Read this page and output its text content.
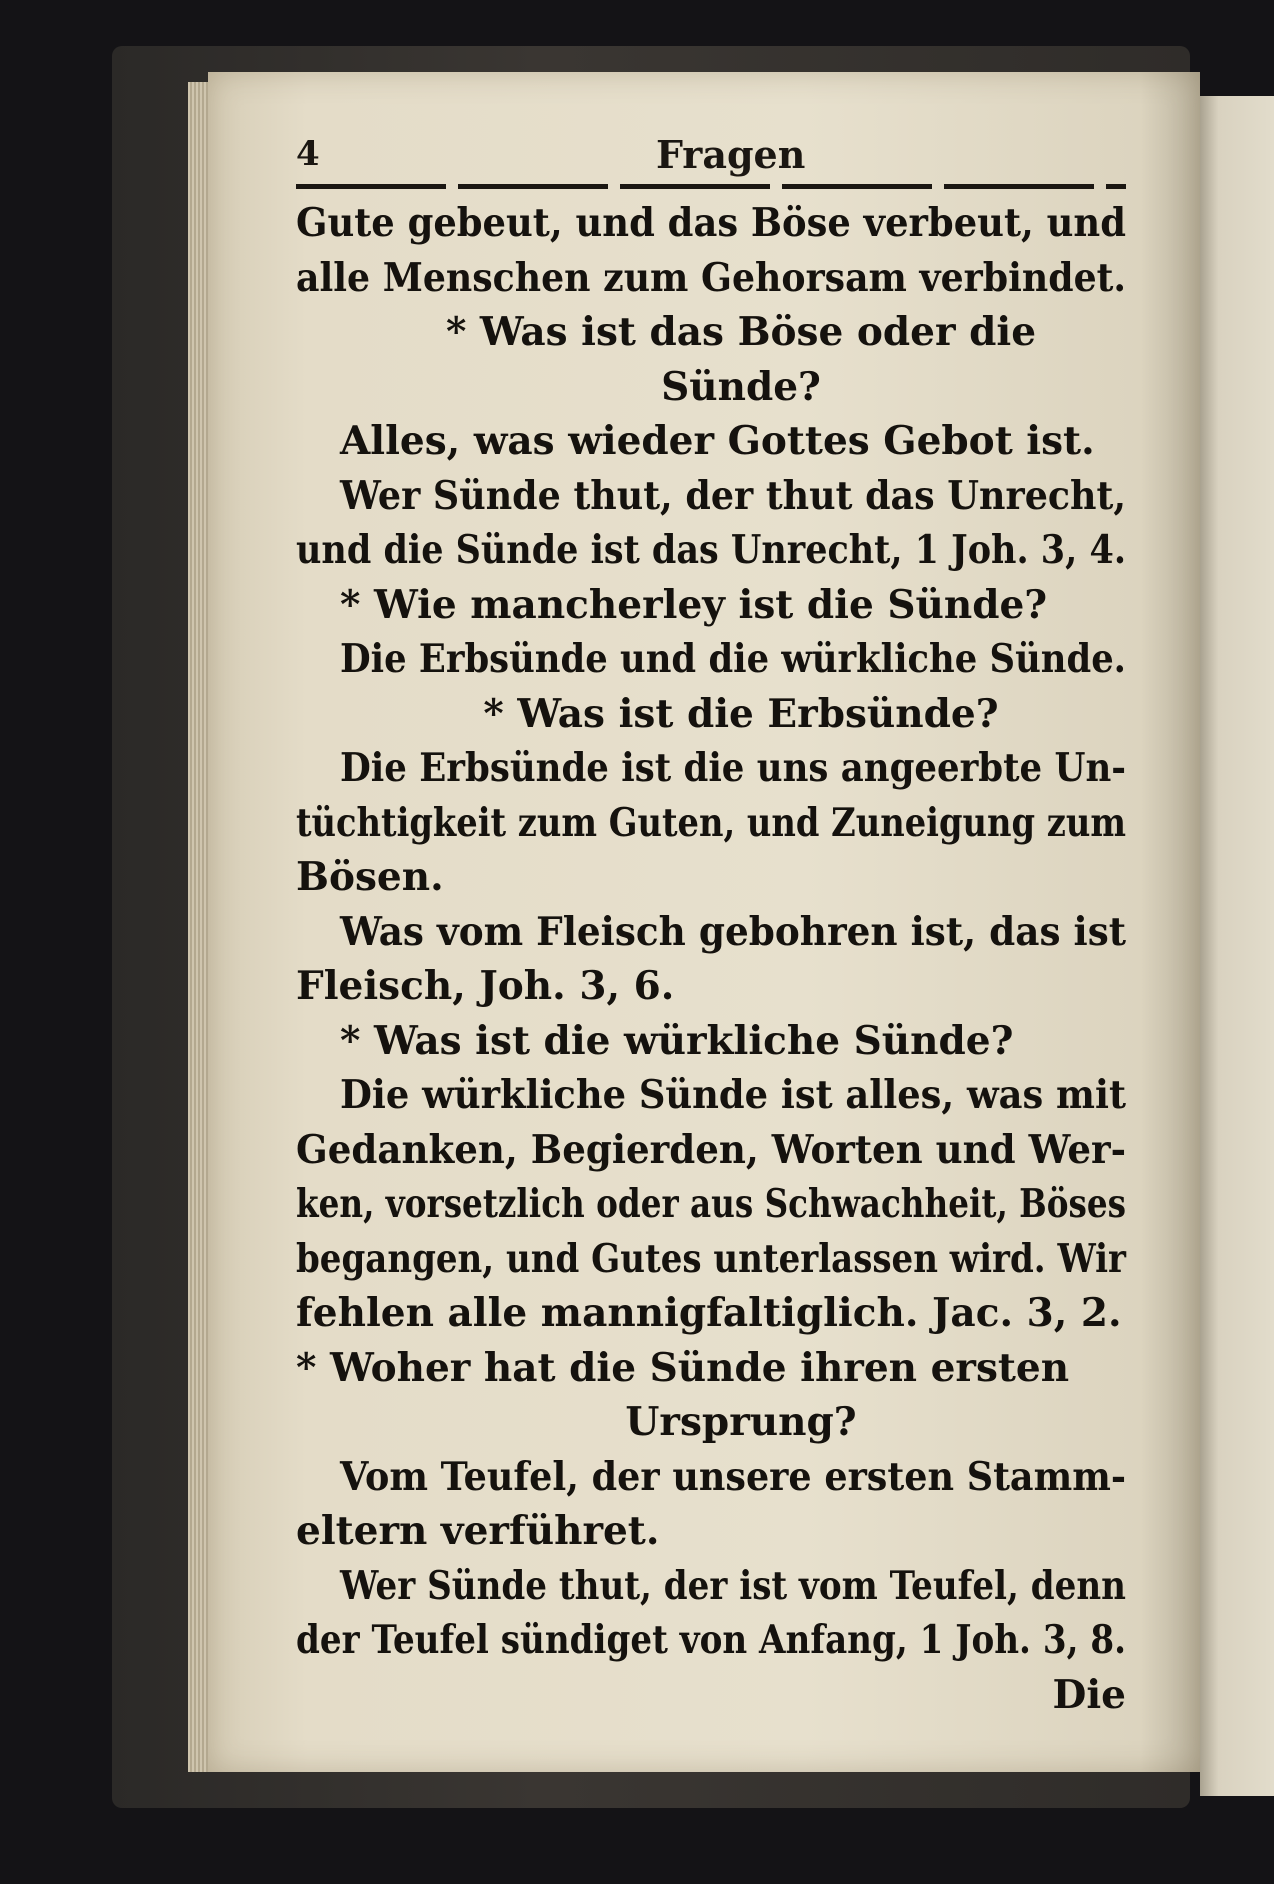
4	Fragen
Gute gebeut, und das Böse verbeut, und
alle Menschen zum Gehorsam verbindet.
* Was ist das Böse oder die
Sünde?
Alles, was wieder Gottes Gebot ist.
Wer Sünde thut, der thut das Unrecht,
und die Sünde ist das Unrecht, 1 Joh. 3, 4.
* Wie mancherley ist die Sünde?
Die Erbsünde und die würkliche Sünde.
* Was ist die Erbsünde?
Die Erbsünde ist die uns angeerbte Un-
tüchtigkeit zum Guten, und Zuneigung zum
Bösen.
Was vom Fleisch gebohren ist, das ist
Fleisch, Joh. 3, 6.
* Was ist die würkliche Sünde?
Die würkliche Sünde ist alles, was mit
Gedanken, Begierden, Worten und Wer-
ken, vorsetzlich oder aus Schwachheit, Böses
begangen, und Gutes unterlassen wird. Wir
fehlen alle mannigfaltiglich. Jac. 3, 2.
* Woher hat die Sünde ihren ersten
Ursprung?
Vom Teufel, der unsere ersten Stamm-
eltern verführet.
Wer Sünde thut, der ist vom Teufel, denn
der Teufel sündiget von Anfang, 1 Joh. 3, 8.
Die
